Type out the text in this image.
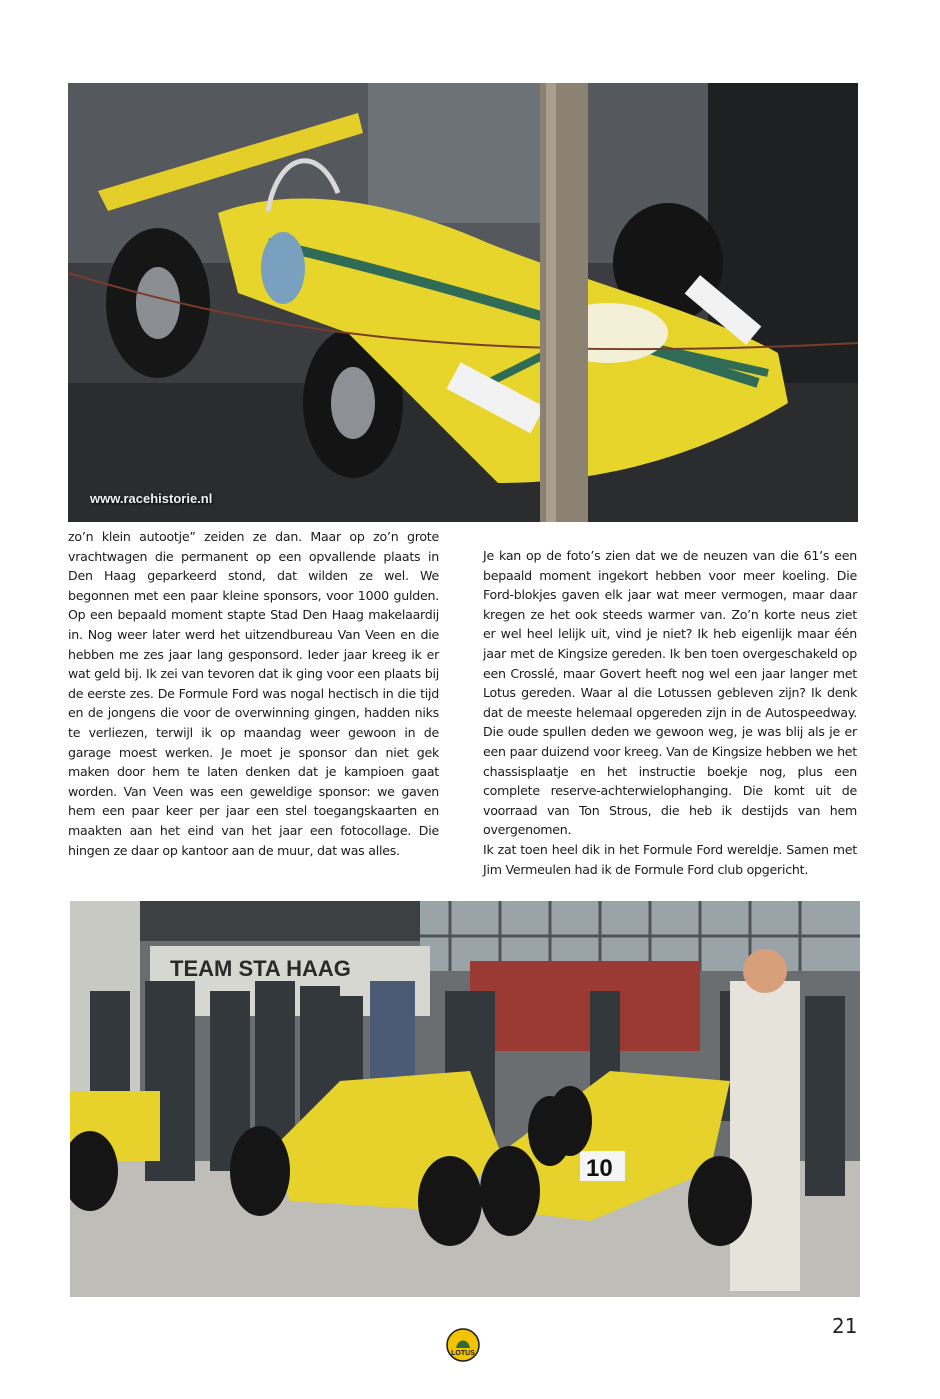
www.racehistorie.nl

zo’n klein autootje” zeiden ze dan. Maar op zo’n grote vrachtwagen die permanent op een opvallende plaats in Den Haag geparkeerd stond, dat wilden ze wel. We begonnen met een paar kleine sponsors, voor 1000 gulden. Op een bepaald moment stapte Stad Den Haag makelaardij in. Nog weer later werd het uitzendbureau Van Veen en die hebben me zes jaar lang gesponsord. Ieder jaar kreeg ik er wat geld bij. Ik zei van tevoren dat ik ging voor een plaats bij de eerste zes. De Formule Ford was nogal hectisch in die tijd en de jongens die voor de overwinning gingen, hadden niks te verliezen, terwijl ik op maandag weer gewoon in de garage moest werken. Je moet je sponsor dan niet gek maken door hem te laten denken dat je kampioen gaat worden. Van Veen was een geweldige sponsor: we gaven hem een paar keer per jaar een stel toegangskaarten en maakten aan het eind van het jaar een fotocollage. Die hingen ze daar op kantoor aan de muur, dat was alles.

Je kan op de foto’s zien dat we de neuzen van die 61’s een bepaald moment ingekort hebben voor meer koeling. Die Ford-blokjes gaven elk jaar wat meer vermogen, maar daar kregen ze het ook steeds warmer van. Zo’n korte neus ziet er wel heel lelijk uit, vind je niet? Ik heb eigenlijk maar één jaar met de Kingsize gereden. Ik ben toen overgeschakeld op een Crosslé, maar Govert heeft nog wel een jaar langer met Lotus gereden. Waar al die Lotussen gebleven zijn? Ik denk dat de meeste helemaal opgereden zijn in de Autospeedway. Die oude spullen deden we gewoon weg, je was blij als je er een paar duizend voor kreeg. Van de Kingsize hebben we het chassisplaatje en het instructie boekje nog, plus een complete reserve-achterwielophanging. Die komt uit de voorraad van Ton Strous, die heb ik destijds van hem overgenomen.

Ik zat toen heel dik in het Formule Ford wereldje. Samen met Jim Vermeulen had ik de Formule Ford club opgericht.

TEAM STA HAAG
10
LOTUS
21
